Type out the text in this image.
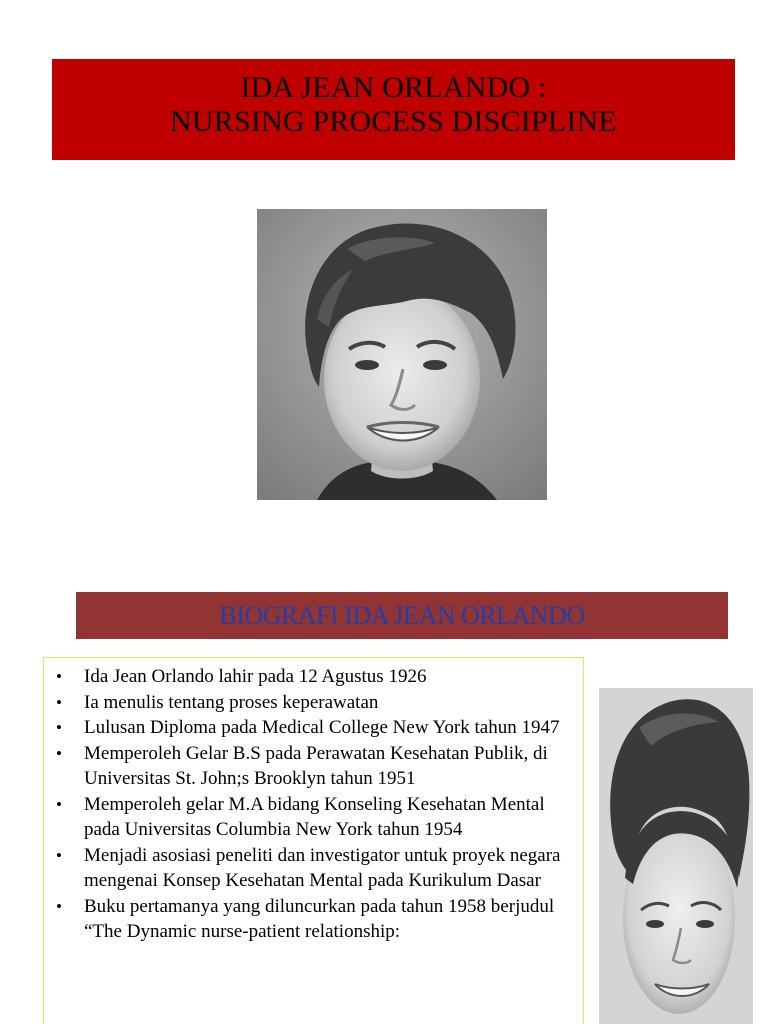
IDA JEAN ORLANDO :
NURSING PROCESS DISCIPLINE
BIOGRAFI IDA JEAN ORLANDO
• Ida Jean Orlando lahir pada 12 Agustus 1926
• Ia menulis tentang proses keperawatan
• Lulusan Diploma pada Medical College New York tahun 1947
• Memperoleh Gelar B.S pada Perawatan Kesehatan Publik, di Universitas St. John;s Brooklyn tahun 1951
• Memperoleh gelar M.A bidang Konseling Kesehatan Mental pada Universitas Columbia New York tahun 1954
• Menjadi asosiasi peneliti dan investigator untuk proyek negara mengenai Konsep Kesehatan Mental pada Kurikulum Dasar
• Buku pertamanya yang diluncurkan pada tahun 1958 berjudul “The Dynamic nurse-patient relationship:
